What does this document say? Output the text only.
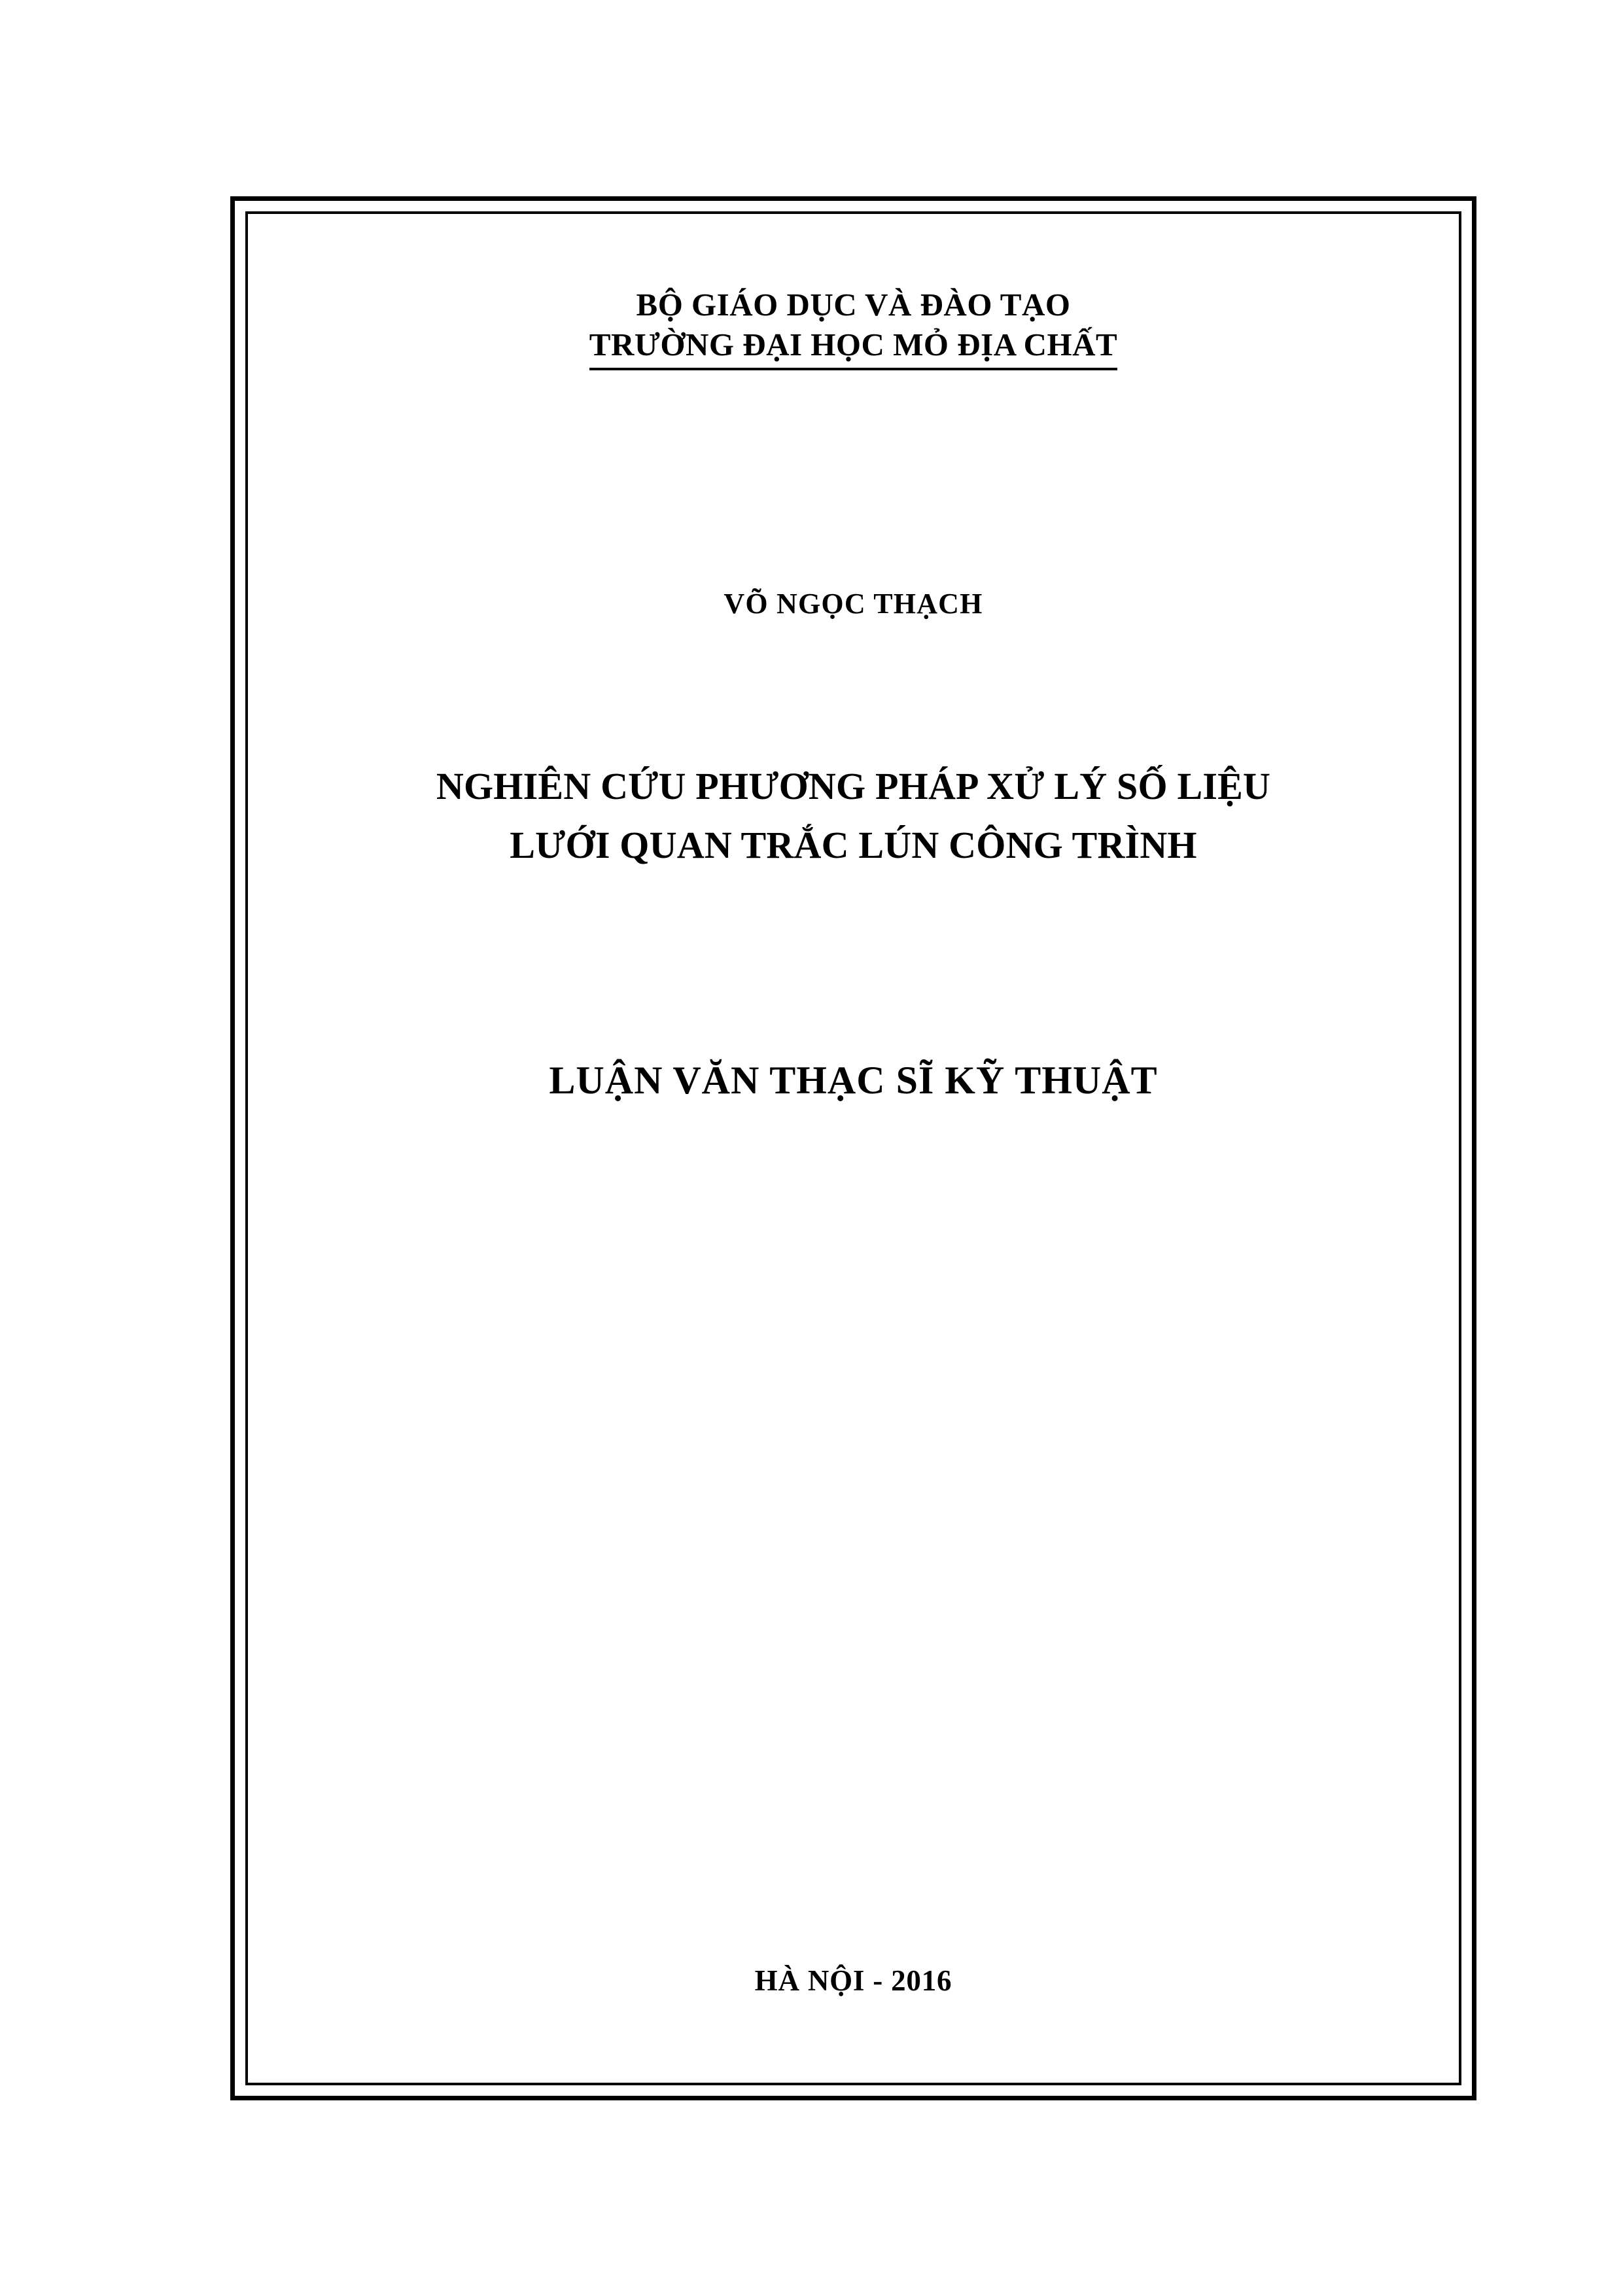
BỘ GIÁO DỤC VÀ ĐÀO TẠO
TRƯỜNG ĐẠI HỌC MỎ ĐỊA CHẤT
VÕ NGỌC THẠCH
NGHIÊN CỨU PHƯƠNG PHÁP XỬ LÝ SỐ LIỆU
LƯỚI QUAN TRẮC LÚN CÔNG TRÌNH
LUẬN VĂN THẠC SĨ KỸ THUẬT
HÀ NỘI - 2016
